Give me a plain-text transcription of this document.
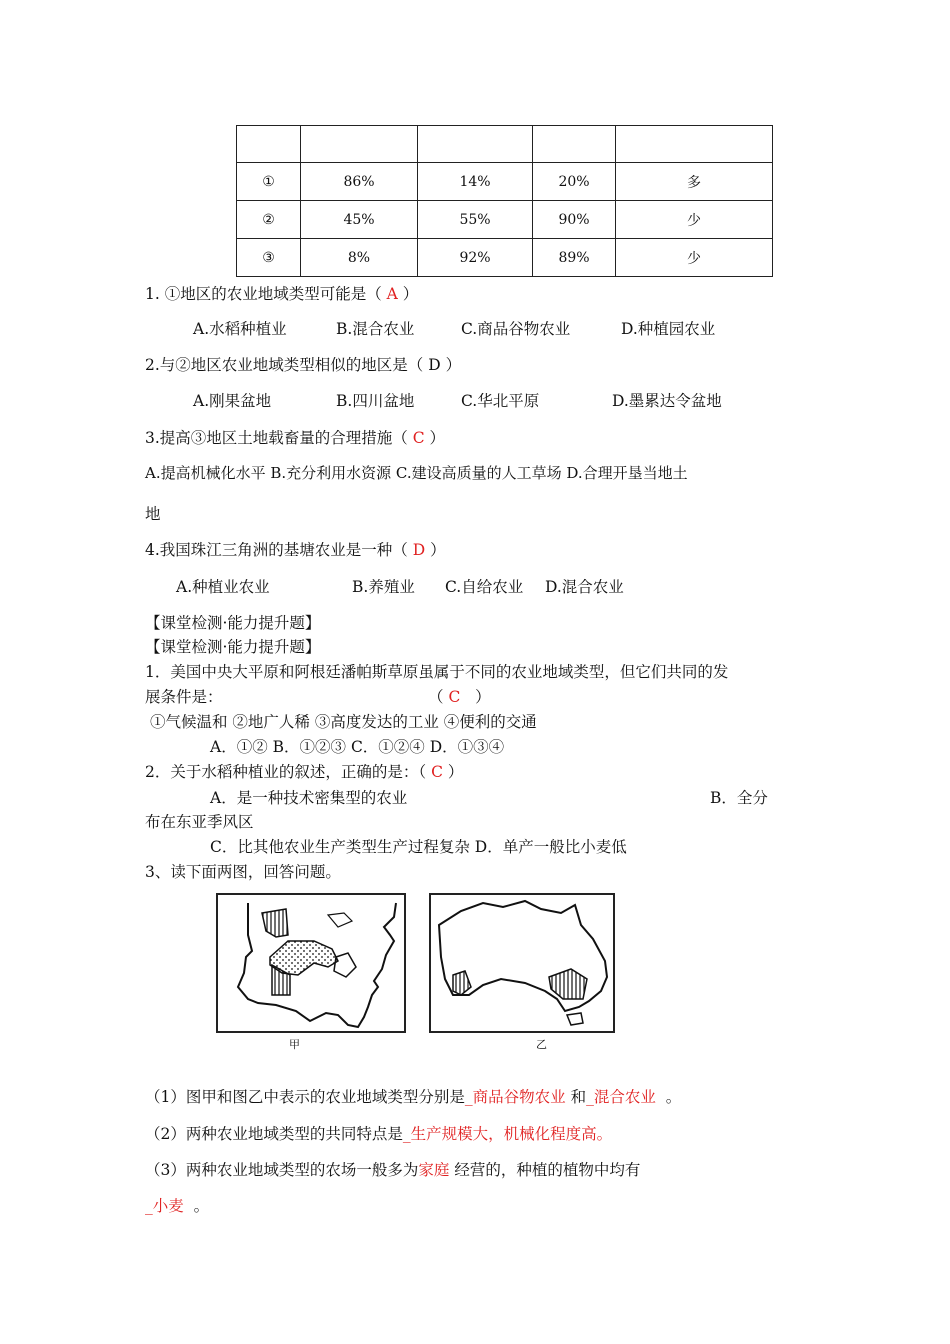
①	86%	14%	20%	多
②	45%	55%	90%	少
③	8%	92%	89%	少
1. ①地区的农业地域类型可能是（ A ）
A.水稻种植业	B.混合农业	C.商品谷物农业	D.种植园农业
2.与②地区农业地域类型相似的地区是（ D ）
A.刚果盆地	B.四川盆地	C.华北平原	D.墨累达令盆地
3.提高③地区土地载畜量的合理措施（ C ）
A.提高机械化水平 B.充分利用水资源 C.建设高质量的人工草场 D.合理开垦当地土
地
4.我国珠江三角洲的基塘农业是一种（ D ）
A.种植业农业	B.养殖业 C.自给农业 D.混合农业
【课堂检测·能力提升题】
【课堂检测·能力提升题】
1．美国中央大平原和阿根廷潘帕斯草原虽属于不同的农业地域类型，但它们共同的发
展条件是：	（ C   ）
①气候温和 ②地广人稀 ③高度发达的工业 ④便利的交通
A．①② B．①②③ C．①②④ D．①③④
2．关于水稻种植业的叙述，正确的是：（ C ）
A．是一种技术密集型的农业	B．全分
布在东亚季风区
C．比其他农业生产类型生产过程复杂 D．单产一般比小麦低
3、读下面两图，回答问题。
甲	乙
（1）图甲和图乙中表示的农业地域类型分别是_商品谷物农业 和_混合农业 。
（2）两种农业地域类型的共同特点是_生产规模大，机械化程度高。
（3）两种农业地域类型的农场一般多为家庭 经营的，种植的植物中均有
_小麦 。
